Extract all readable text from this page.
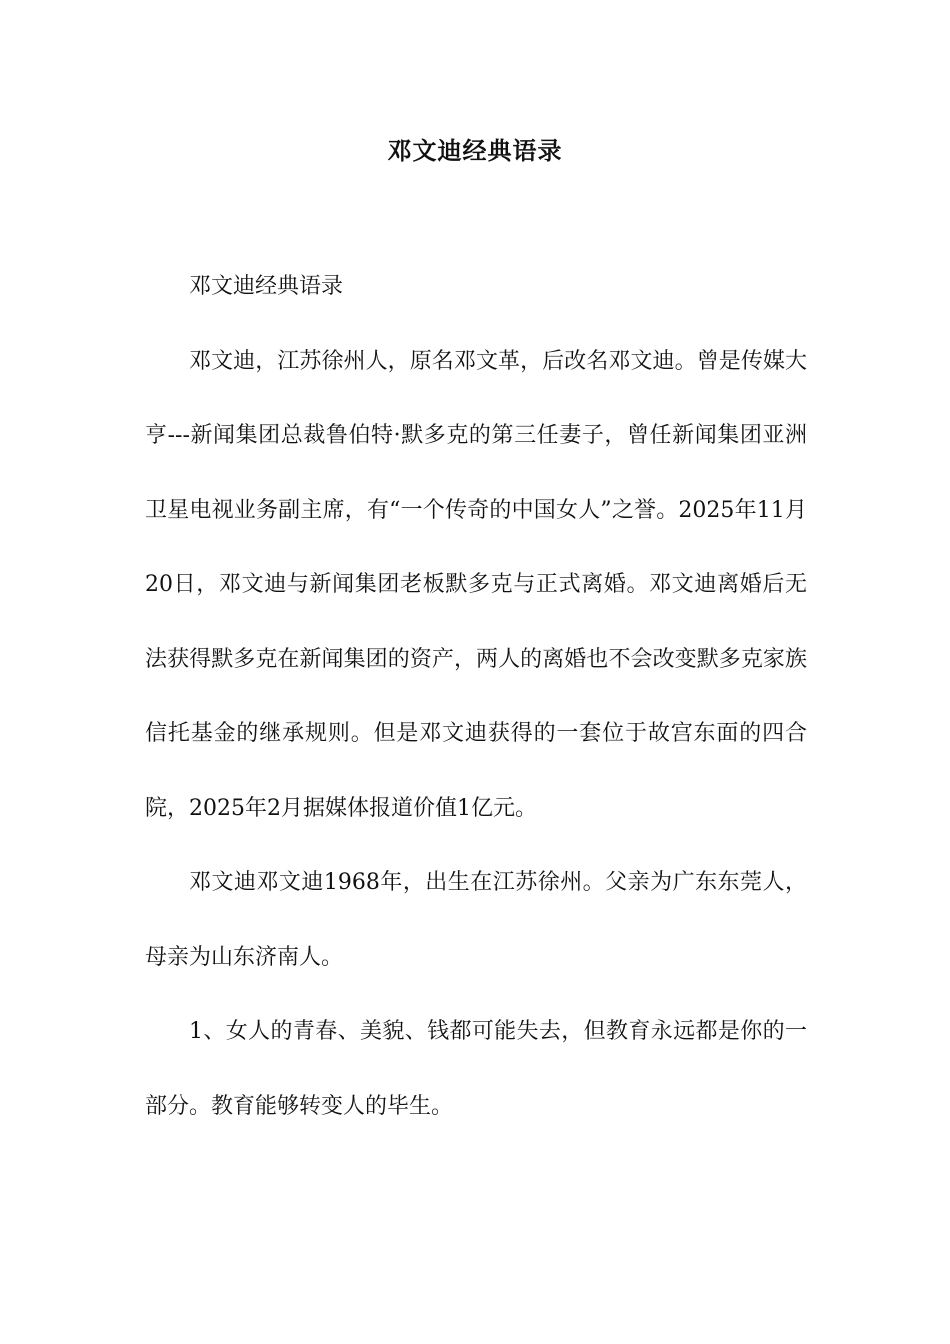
邓文迪经典语录

邓文迪经典语录

邓文迪，江苏徐州人，原名邓文革，后改名邓文迪。曾是传媒大亨---新闻集团总裁鲁伯特·默多克的第三任妻子，曾任新闻集团亚洲卫星电视业务副主席，有“一个传奇的中国女人”之誉。2025年11月20日，邓文迪与新闻集团老板默多克与正式离婚。邓文迪离婚后无法获得默多克在新闻集团的资产，两人的离婚也不会改变默多克家族信托基金的继承规则。但是邓文迪获得的一套位于故宫东面的四合院，2025年2月据媒体报道价值1亿元。

邓文迪邓文迪1968年，出生在江苏徐州。父亲为广东东莞人，母亲为山东济南人。

1、女人的青春、美貌、钱都可能失去，但教育永远都是你的一部分。教育能够转变人的毕生。
